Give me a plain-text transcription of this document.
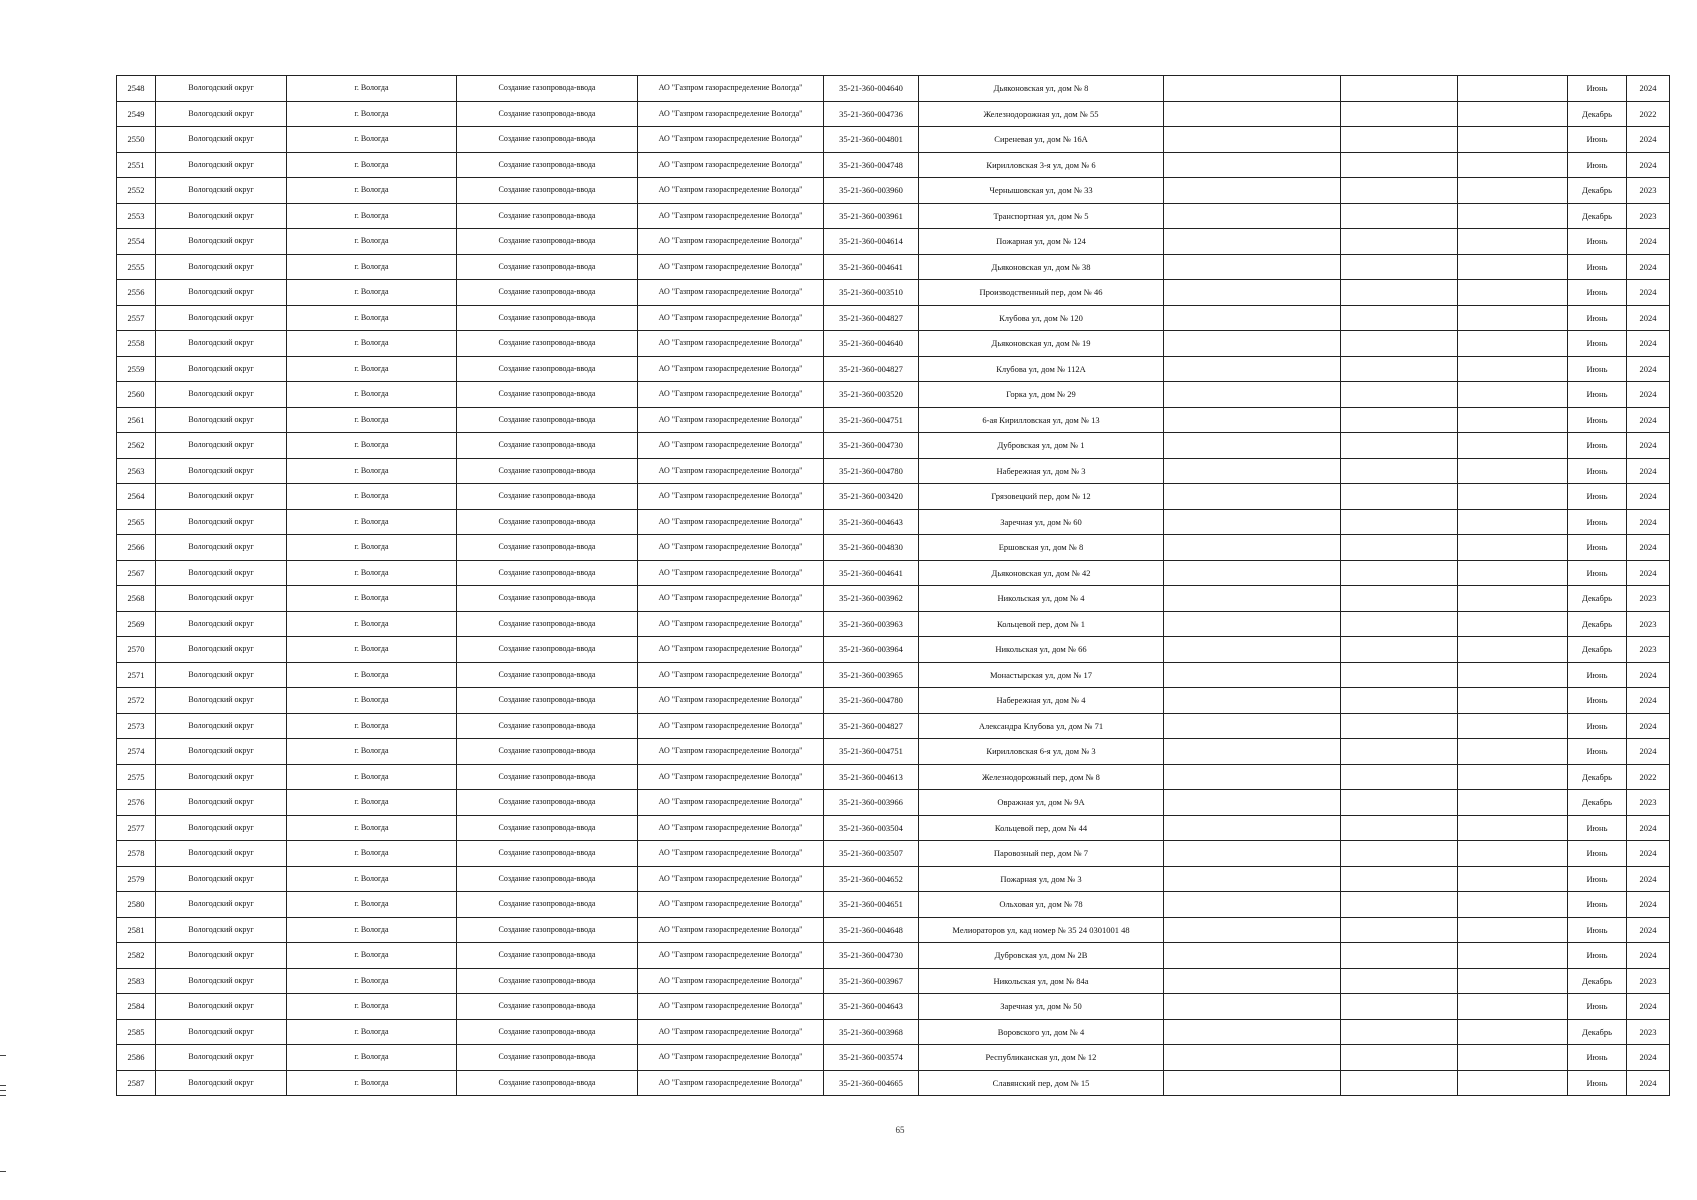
2548	Вологодский округ	г. Вологда	Создание газопровода-ввода	АО "Газпром газораспределение Вологда"	35-21-360-004640	Дьяконовская ул, дом № 8				Июнь	2024
2549	Вологодский округ	г. Вологда	Создание газопровода-ввода	АО "Газпром газораспределение Вологда"	35-21-360-004736	Железнодорожная ул, дом № 55				Декабрь	2022
2550	Вологодский округ	г. Вологда	Создание газопровода-ввода	АО "Газпром газораспределение Вологда"	35-21-360-004801	Сиреневая ул, дом № 16А				Июнь	2024
2551	Вологодский округ	г. Вологда	Создание газопровода-ввода	АО "Газпром газораспределение Вологда"	35-21-360-004748	Кирилловская 3-я ул, дом № 6				Июнь	2024
2552	Вологодский округ	г. Вологда	Создание газопровода-ввода	АО "Газпром газораспределение Вологда"	35-21-360-003960	Чернышовская ул, дом № 33				Декабрь	2023
2553	Вологодский округ	г. Вологда	Создание газопровода-ввода	АО "Газпром газораспределение Вологда"	35-21-360-003961	Транспортная ул, дом № 5				Декабрь	2023
2554	Вологодский округ	г. Вологда	Создание газопровода-ввода	АО "Газпром газораспределение Вологда"	35-21-360-004614	Пожарная ул, дом № 124				Июнь	2024
2555	Вологодский округ	г. Вологда	Создание газопровода-ввода	АО "Газпром газораспределение Вологда"	35-21-360-004641	Дьяконовская ул, дом № 38				Июнь	2024
2556	Вологодский округ	г. Вологда	Создание газопровода-ввода	АО "Газпром газораспределение Вологда"	35-21-360-003510	Производственный пер, дом № 46				Июнь	2024
2557	Вологодский округ	г. Вологда	Создание газопровода-ввода	АО "Газпром газораспределение Вологда"	35-21-360-004827	Клубова ул, дом № 120				Июнь	2024
2558	Вологодский округ	г. Вологда	Создание газопровода-ввода	АО "Газпром газораспределение Вологда"	35-21-360-004640	Дьяконовская ул, дом № 19				Июнь	2024
2559	Вологодский округ	г. Вологда	Создание газопровода-ввода	АО "Газпром газораспределение Вологда"	35-21-360-004827	Клубова ул, дом № 112А				Июнь	2024
2560	Вологодский округ	г. Вологда	Создание газопровода-ввода	АО "Газпром газораспределение Вологда"	35-21-360-003520	Горка ул, дом № 29				Июнь	2024
2561	Вологодский округ	г. Вологда	Создание газопровода-ввода	АО "Газпром газораспределение Вологда"	35-21-360-004751	6-ая Кирилловская ул, дом № 13				Июнь	2024
2562	Вологодский округ	г. Вологда	Создание газопровода-ввода	АО "Газпром газораспределение Вологда"	35-21-360-004730	Дубровская ул, дом № 1				Июнь	2024
2563	Вологодский округ	г. Вологда	Создание газопровода-ввода	АО "Газпром газораспределение Вологда"	35-21-360-004780	Набережная ул, дом № 3				Июнь	2024
2564	Вологодский округ	г. Вологда	Создание газопровода-ввода	АО "Газпром газораспределение Вологда"	35-21-360-003420	Грязовецкий пер, дом № 12				Июнь	2024
2565	Вологодский округ	г. Вологда	Создание газопровода-ввода	АО "Газпром газораспределение Вологда"	35-21-360-004643	Заречная ул, дом № 60				Июнь	2024
2566	Вологодский округ	г. Вологда	Создание газопровода-ввода	АО "Газпром газораспределение Вологда"	35-21-360-004830	Ершовская ул, дом № 8				Июнь	2024
2567	Вологодский округ	г. Вологда	Создание газопровода-ввода	АО "Газпром газораспределение Вологда"	35-21-360-004641	Дьяконовская ул, дом № 42				Июнь	2024
2568	Вологодский округ	г. Вологда	Создание газопровода-ввода	АО "Газпром газораспределение Вологда"	35-21-360-003962	Никольская ул, дом № 4				Декабрь	2023
2569	Вологодский округ	г. Вологда	Создание газопровода-ввода	АО "Газпром газораспределение Вологда"	35-21-360-003963	Кольцевой пер, дом № 1				Декабрь	2023
2570	Вологодский округ	г. Вологда	Создание газопровода-ввода	АО "Газпром газораспределение Вологда"	35-21-360-003964	Никольская ул, дом № 66				Декабрь	2023
2571	Вологодский округ	г. Вологда	Создание газопровода-ввода	АО "Газпром газораспределение Вологда"	35-21-360-003965	Монастырская ул, дом № 17				Июнь	2024
2572	Вологодский округ	г. Вологда	Создание газопровода-ввода	АО "Газпром газораспределение Вологда"	35-21-360-004780	Набережная ул, дом № 4				Июнь	2024
2573	Вологодский округ	г. Вологда	Создание газопровода-ввода	АО "Газпром газораспределение Вологда"	35-21-360-004827	Александра Клубова ул, дом № 71				Июнь	2024
2574	Вологодский округ	г. Вологда	Создание газопровода-ввода	АО "Газпром газораспределение Вологда"	35-21-360-004751	Кирилловская 6-я ул, дом № 3				Июнь	2024
2575	Вологодский округ	г. Вологда	Создание газопровода-ввода	АО "Газпром газораспределение Вологда"	35-21-360-004613	Железнодорожный пер, дом № 8				Декабрь	2022
2576	Вологодский округ	г. Вологда	Создание газопровода-ввода	АО "Газпром газораспределение Вологда"	35-21-360-003966	Овражная ул, дом № 9А				Декабрь	2023
2577	Вологодский округ	г. Вологда	Создание газопровода-ввода	АО "Газпром газораспределение Вологда"	35-21-360-003504	Кольцевой пер, дом № 44				Июнь	2024
2578	Вологодский округ	г. Вологда	Создание газопровода-ввода	АО "Газпром газораспределение Вологда"	35-21-360-003507	Паровозный пер, дом № 7				Июнь	2024
2579	Вологодский округ	г. Вологда	Создание газопровода-ввода	АО "Газпром газораспределение Вологда"	35-21-360-004652	Пожарная ул, дом № 3				Июнь	2024
2580	Вологодский округ	г. Вологда	Создание газопровода-ввода	АО "Газпром газораспределение Вологда"	35-21-360-004651	Ольховая ул, дом № 78				Июнь	2024
2581	Вологодский округ	г. Вологда	Создание газопровода-ввода	АО "Газпром газораспределение Вологда"	35-21-360-004648	Мелиораторов ул, кад номер № 35 24 0301001 48				Июнь	2024
2582	Вологодский округ	г. Вологда	Создание газопровода-ввода	АО "Газпром газораспределение Вологда"	35-21-360-004730	Дубровская ул, дом № 2В				Июнь	2024
2583	Вологодский округ	г. Вологда	Создание газопровода-ввода	АО "Газпром газораспределение Вологда"	35-21-360-003967	Никольская ул, дом № 84а				Декабрь	2023
2584	Вологодский округ	г. Вологда	Создание газопровода-ввода	АО "Газпром газораспределение Вологда"	35-21-360-004643	Заречная ул, дом № 50				Июнь	2024
2585	Вологодский округ	г. Вологда	Создание газопровода-ввода	АО "Газпром газораспределение Вологда"	35-21-360-003968	Воровского ул, дом № 4				Декабрь	2023
2586	Вологодский округ	г. Вологда	Создание газопровода-ввода	АО "Газпром газораспределение Вологда"	35-21-360-003574	Республиканская ул, дом № 12				Июнь	2024
2587	Вологодский округ	г. Вологда	Создание газопровода-ввода	АО "Газпром газораспределение Вологда"	35-21-360-004665	Славянский пер, дом № 15				Июнь	2024
65
